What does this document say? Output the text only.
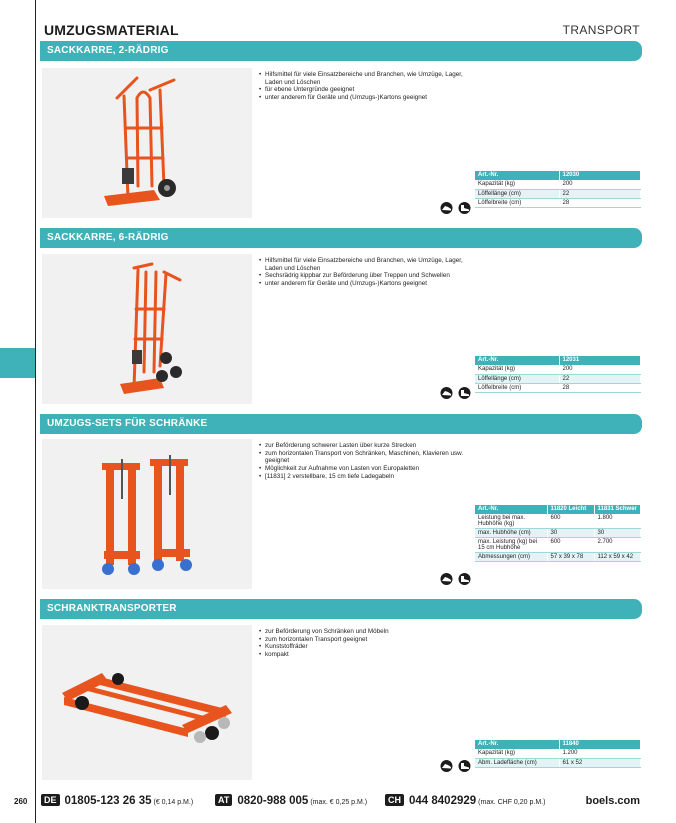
UMZUGSMATERIAL	TRANSPORT
SACKKARRE, 2-RÄDRIG
• Hilfsmittel für viele Einsatzbereiche und Branchen, wie Umzüge, Lager, Laden und Löschen
• für ebene Untergründe geeignet
• unter anderem für Geräte und (Umzugs-)Kartons geeignet
Art.-Nr.	12030
Kapazität (kg)	200
Löffellänge (cm)	22
Löffelbreite (cm)	28
SACKKARRE, 6-RÄDRIG
• Hilfsmittel für viele Einsatzbereiche und Branchen, wie Umzüge, Lager, Laden und Löschen
• Sechsrädrig kippbar zur Beförderung über Treppen und Schwellen
• unter anderem für Geräte und (Umzugs-)Kartons geeignet
Art.-Nr.	12031
Kapazität (kg)	200
Löffellänge (cm)	22
Löffelbreite (cm)	28
UMZUGS-SETS FÜR SCHRÄNKE
• zur Beförderung schwerer Lasten über kurze Strecken
• zum horizontalen Transport von Schränken, Maschinen, Klavieren usw. geeignet
• Möglichkeit zur Aufnahme von Lasten von Europaletten
• [11831] 2 verstellbare, 15 cm tiefe Ladegabeln
Art.-Nr.	11820 Leicht	11831 Schwer
Leistung bei max. Hubhöhe (kg)	600	1.800
max. Hubhöhe (cm)	30	30
max. Leistung (kg) bei 15 cm Hubhöhe	600	2.700
Abmessungen (cm)	57 x 39 x 78	112 x 59 x 42
SCHRANKTRANSPORTER
• zur Beförderung von Schränken und Möbeln
• zum horizontalen Transport geeignet
• Kunststoffräder
• kompakt
Art.-Nr.	11840
Kapazität (kg)	1.200
Abm. Ladefläche (cm)	61 x 52
260	DE 01805-123 26 35 (€ 0,14 p.M.)	AT 0820-988 005 (max. € 0,25 p.M.)	CH 044 8402929 (max. CHF 0,20 p.M.)	boels.com
